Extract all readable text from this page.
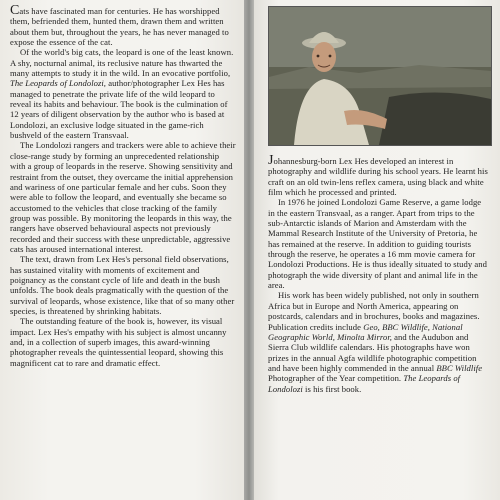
Cats have fascinated man for centuries. He has worshipped them, befriended them, hunted them, drawn them and written about them but, throughout the years, he has never managed to expose the essence of the cat.

Of the world's big cats, the leopard is one of the least known. A shy, nocturnal animal, its reclusive nature has thwarted the many attempts to study it in the wild. In an evocative portfolio, The Leopards of Londolozi, author/photographer Lex Hes has managed to penetrate the private life of the wild leopard to reveal its habits and behaviour. The book is the culmination of 12 years of diligent observation by the author who is based at Londolozi, an exclusive lodge situated in the game-rich bushveld of the eastern Transvaal.

The Londolozi rangers and trackers were able to achieve their close-range study by forming an unprecedented relationship with a group of leopards in the reserve. Showing sensitivity and restraint from the outset, they overcame the initial apprehension and wariness of one particular female and her cubs. Soon they were able to follow the leopard, and eventually she became so accustomed to the vehicles that close tracking of the family group was possible. By monitoring the leopards in this way, the rangers have observed behavioural aspects not previously recorded and their success with these unpredictable, aggressive cats has aroused international interest.

The text, drawn from Lex Hes's personal field observations, has sustained vitality with moments of excitement and poignancy as the constant cycle of life and death in the bush unfolds. The book deals pragmatically with the question of the survival of leopards, whose existence, like that of so many other species, is threatened by shrinking habitats.

The outstanding feature of the book is, however, its visual impact. Lex Hes's empathy with his subject is almost uncanny and, in a collection of superb images, this award-winning photographer reveals the quintessential leopard, showing this magnificent cat to rare and dramatic effect.

Johannesburg-born Lex Hes developed an interest in photography and wildlife during his school years. He learnt his craft on an old twin-lens reflex camera, using black and white film which he processed and printed.

In 1976 he joined Londolozi Game Reserve, a game lodge in the eastern Transvaal, as a ranger. Apart from trips to the sub-Antarctic islands of Marion and Amsterdam with the Mammal Research Institute of the University of Pretoria, he has remained at the reserve. In addition to guiding tourists through the reserve, he operates a 16 mm movie camera for Londolozi Productions. He is thus ideally situated to study and photograph the wide diversity of plant and animal life in the area.

His work has been widely published, not only in southern Africa but in Europe and North America, appearing on postcards, calendars and in brochures, books and magazines. Publication credits include Geo, BBC Wildlife, National Geographic World, Minolta Mirror, and the Audubon and Sierra Club wildlife calendars. His photographs have won prizes in the annual Agfa wildlife photographic competition and have been highly commended in the annual BBC Wildlife Photographer of the Year competition. The Leopards of Londolozi is his first book.
